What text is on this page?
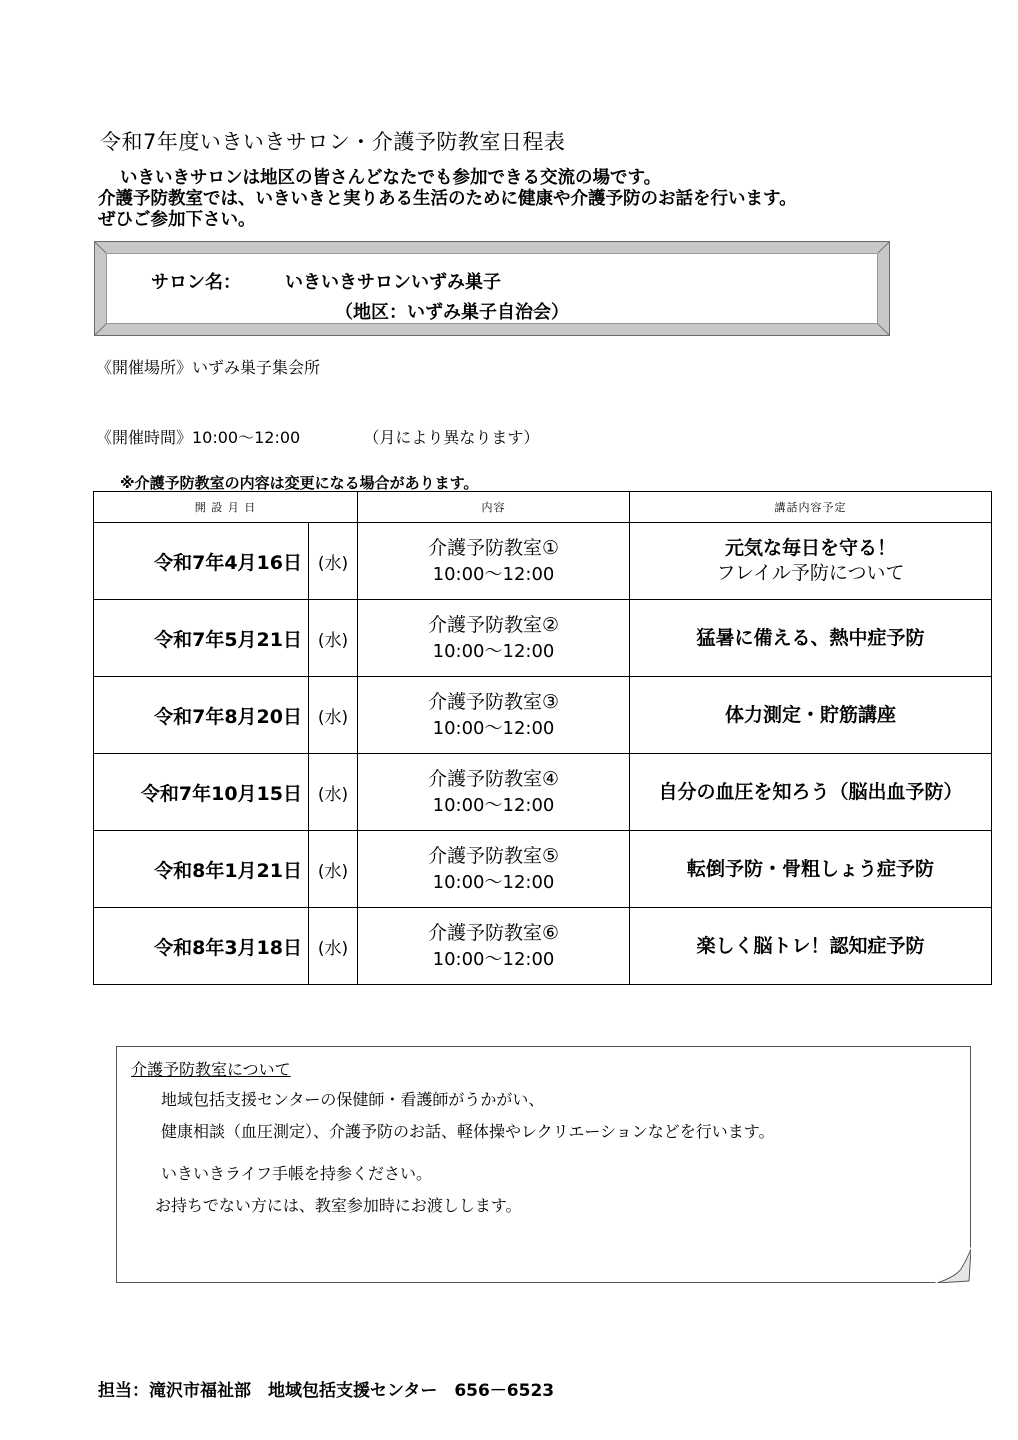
令和7年度いきいきサロン・介護予防教室日程表
いきいきサロンは地区の皆さんどなたでも参加できる交流の場です。
介護予防教室では、いきいきと実りある生活のために健康や介護予防のお話を行います。
ぜひご参加下さい。
サロン名： いきいきサロンいずみ巣子
（地区：いずみ巣子自治会）
《開催場所》いずみ巣子集会所
《開催時間》10:00～12:00	（月により異なります）
※介護予防教室の内容は変更になる場合があります。
開 設 月 日		内容	講話内容予定
令和7年4月16日	(水)	介護予防教室①
10:00～12:00	元気な毎日を守る！
フレイル予防について
令和7年5月21日	(水)	介護予防教室②
10:00～12:00	猛暑に備える、熱中症予防
令和7年8月20日	(水)	介護予防教室③
10:00～12:00	体力測定・貯筋講座
令和7年10月15日	(水)	介護予防教室④
10:00～12:00	自分の血圧を知ろう（脳出血予防）
令和8年1月21日	(水)	介護予防教室⑤
10:00～12:00	転倒予防・骨粗しょう症予防
令和8年3月18日	(水)	介護予防教室⑥
10:00～12:00	楽しく脳トレ！認知症予防
介護予防教室について
地域包括支援センターの保健師・看護師がうかがい、
健康相談（血圧測定）、介護予防のお話、軽体操やレクリエーションなどを行います。
いきいきライフ手帳を持参ください。
お持ちでない方には、教室参加時にお渡しします。
担当：滝沢市福祉部　地域包括支援センター　656－6523
